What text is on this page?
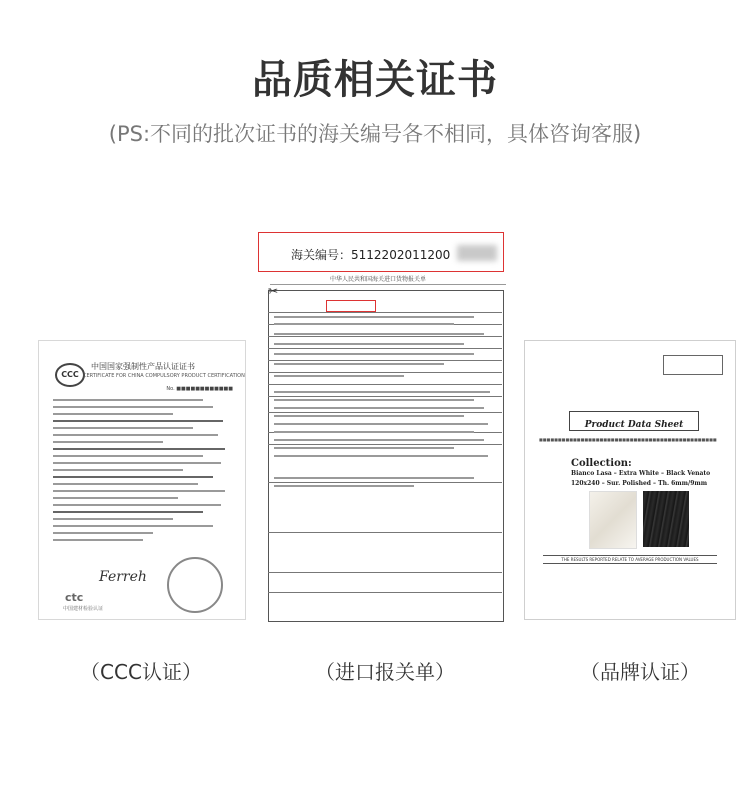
品质相关证书
(PS:不同的批次证书的海关编号各不相同，具体咨询客服)
CCC
中国国家强制性产品认证证书
CERTIFICATE FOR CHINA COMPULSORY PRODUCT CERTIFICATION
No. ■■■■■■■■■■■■
Ferreh
ctc
中国建材检验认证
海关编号：5112202011200
中华人民共和国海关进口货物报关单
✂
Product Data Sheet
■■■■■■■■■■■■■■■■■■■■■■■■■■■■■■■■■■■■■■■■■■■■■■■
Collection:
Bianco Lasa – Extra White – Black Venato
120x240 – Sur. Polished – Th. 6mm/9mm
THE RESULTS REPORTED RELATE TO AVERAGE PRODUCTION VALUES
（CCC认证）	（进口报关单）	（品牌认证）
